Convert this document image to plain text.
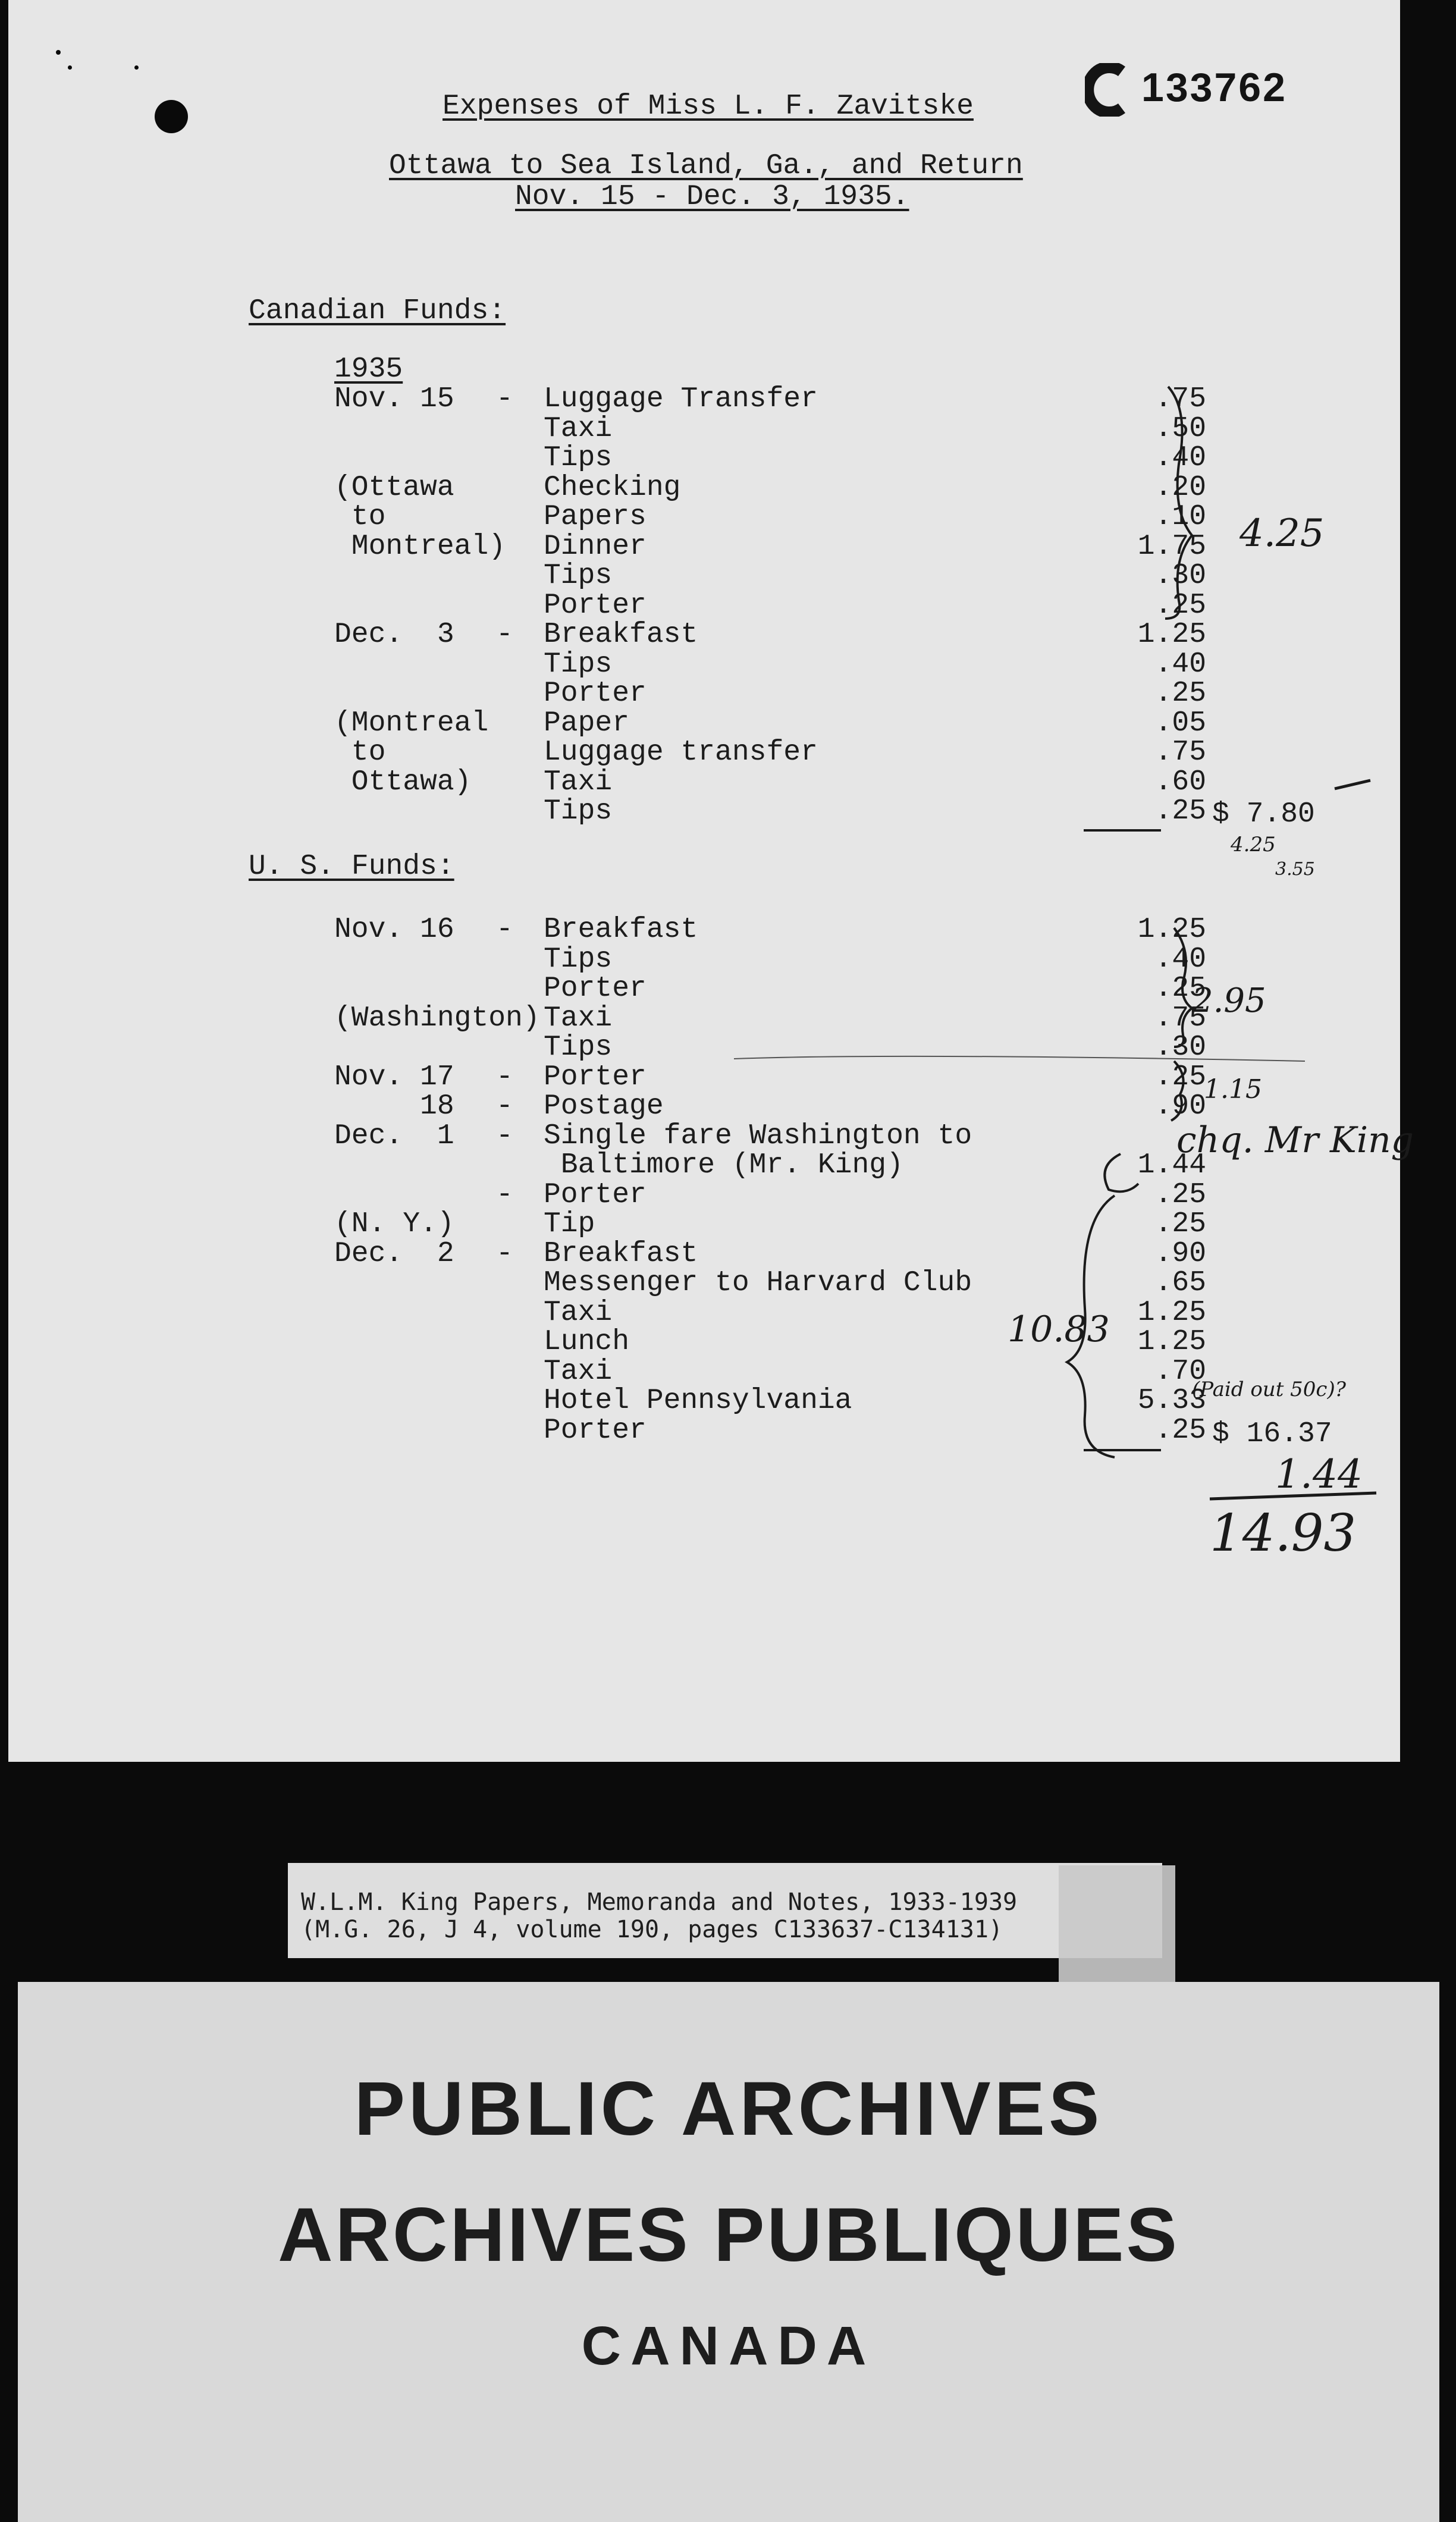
133762
Expenses of Miss L. F. Zavitske
Ottawa to Sea Island, Ga., and Return
Nov. 15 - Dec. 3, 1935.
Canadian Funds:
1935
Nov. 15 - Luggage Transfer	.75
Taxi	.50
Tips	.40
(Ottawa	Checking	.20
to	Papers	.10
Montreal) Dinner	1.75
Tips	.30
Porter	.25
Dec.  3 - Breakfast	1.25
Tips	.40
Porter	.25
(Montreal Paper	.05
to	Luggage transfer	.75
Ottawa)	Taxi	.60
Tips	.25 $ 7.80
U. S. Funds:
Nov. 16 - Breakfast	1.25
Tips	.40
Porter	.25
(Washington) Taxi	.75
Tips	.30
Nov. 17 - Porter	.25
18 - Postage	.90
Dec.  1 - Single fare Washington to
Baltimore (Mr. King)	1.44
- Porter	.25
(N. Y.)	Tip	.25
Dec.  2 - Breakfast	.90
Messenger to Harvard Club	.65
Taxi	1.25
Lunch	1.25
Taxi	.70
Hotel Pennsylvania	5.33
Porter	.25 $ 16.37
4.25
4.25
3.55
2.95
1.15
chq. Mr King
10.83
(Paid out 50c)?
1.44
14.93
W.L.M. King Papers, Memoranda and Notes, 1933-1939
(M.G. 26, J 4, volume 190, pages C133637-C134131)
PUBLIC ARCHIVES
ARCHIVES PUBLIQUES
CANADA
